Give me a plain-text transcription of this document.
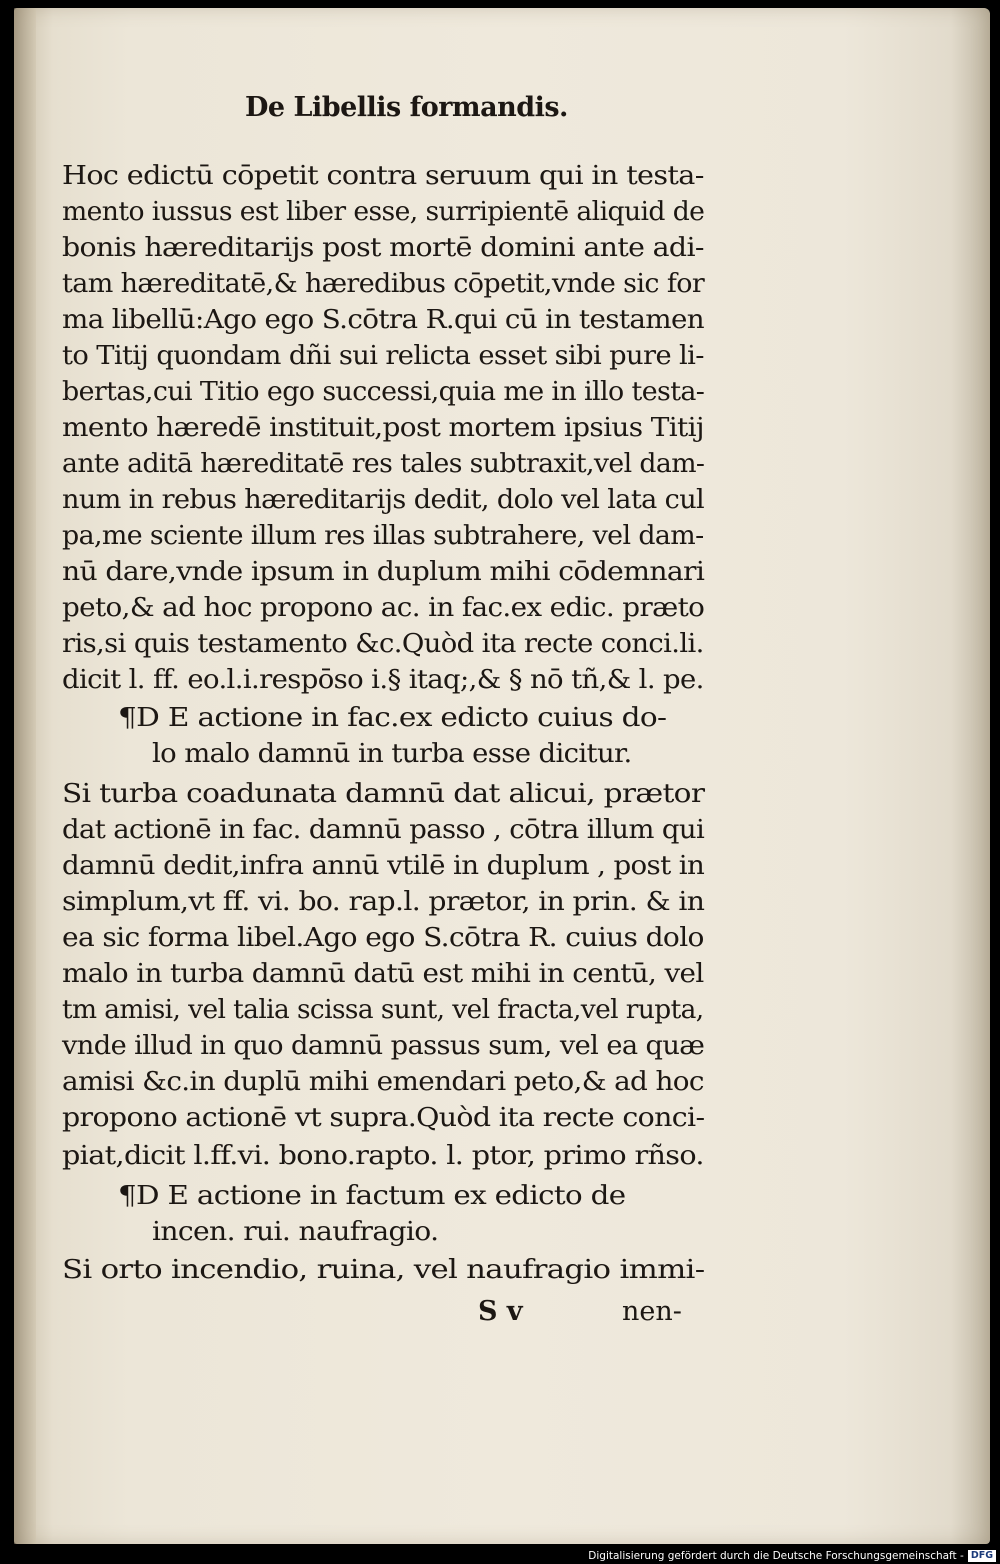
De Libellis formandis.
Hoc edictū cōpetit contra seruum qui in testa-
mento iussus est liber esse, surripientē aliquid de
bonis hæreditarijs post mortē domini ante adi-
tam hæreditatē,& hæredibus cōpetit,vnde sic for
ma libellū:Ago ego S.cōtra R.qui cū in testamen
to Titij quondam dñi sui relicta esset sibi pure li-
bertas,cui Titio ego successi,quia me in illo testa-
mento hæredē instituit,post mortem ipsius Titij
ante aditā hæreditatē res tales subtraxit,vel dam-
num in rebus hæreditarijs dedit, dolo vel lata cul
pa,me sciente illum res illas subtrahere, vel dam-
nū dare,vnde ipsum in duplum mihi cōdemnari
peto,& ad hoc propono ac. in fac.ex edic. præto
ris,si quis testamento &c.Quòd ita recte conci.li.
dicit l. ff. eo.l.i.respōso i.§ itaq;,& § nō tñ,& l. pe.
¶D E actione in fac.ex edicto cuius do-
lo malo damnū in turba esse dicitur.
Si turba coadunata damnū dat alicui, prætor
dat actionē in fac. damnū passo , cōtra illum qui
damnū dedit,infra annū vtilē in duplum , post in
simplum,vt ff. vi. bo. rap.l. prætor, in prin. & in
ea sic forma libel.Ago ego S.cōtra R. cuius dolo
malo in turba damnū datū est mihi in centū, vel
tm amisi, vel talia scissa sunt, vel fracta,vel rupta,
vnde illud in quo damnū passus sum, vel ea quæ
amisi &c.in duplū mihi emendari peto,& ad hoc
propono actionē vt supra.Quòd ita recte conci-
piat,dicit l.ff.vi. bono.rapto. l. ptor, primo rñso.
¶D E actione in factum ex edicto de
incen. rui. naufragio.
Si orto incendio, ruina, vel naufragio immi-
S v	nen-
Digitalisierung gefördert durch die Deutsche Forschungsgemeinschaft - DFG
